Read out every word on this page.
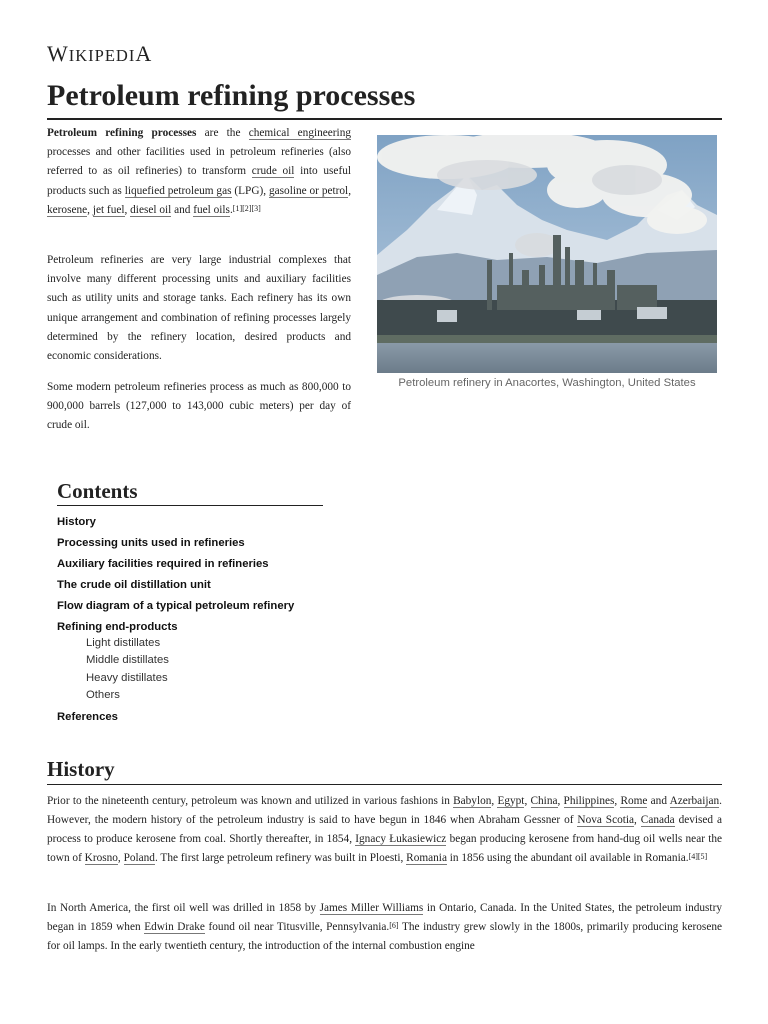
WIKIPEDIA
Petroleum refining processes

Petroleum refining processes are the chemical engineering processes and other facilities used in petroleum refineries (also referred to as oil refineries) to transform crude oil into useful products such as liquefied petroleum gas (LPG), gasoline or petrol, kerosene, jet fuel, diesel oil and fuel oils.[1][2][3]

Petroleum refineries are very large industrial complexes that involve many different processing units and auxiliary facilities such as utility units and storage tanks. Each refinery has its own unique arrangement and combination of refining processes largely determined by the refinery location, desired products and economic considerations.

Some modern petroleum refineries process as much as 800,000 to 900,000 barrels (127,000 to 143,000 cubic meters) per day of crude oil.

Petroleum refinery in Anacortes, Washington, United States
Contents
History
Processing units used in refineries
Auxiliary facilities required in refineries
The crude oil distillation unit
Flow diagram of a typical petroleum refinery
Refining end-products
Light distillates
Middle distillates
Heavy distillates
Others
References
History

Prior to the nineteenth century, petroleum was known and utilized in various fashions in Babylon, Egypt, China, Philippines, Rome and Azerbaijan. However, the modern history of the petroleum industry is said to have begun in 1846 when Abraham Gessner of Nova Scotia, Canada devised a process to produce kerosene from coal. Shortly thereafter, in 1854, Ignacy Łukasiewicz began producing kerosene from hand-dug oil wells near the town of Krosno, Poland. The first large petroleum refinery was built in Ploesti, Romania in 1856 using the abundant oil available in Romania.[4][5]

In North America, the first oil well was drilled in 1858 by James Miller Williams in Ontario, Canada. In the United States, the petroleum industry began in 1859 when Edwin Drake found oil near Titusville, Pennsylvania.[6] The industry grew slowly in the 1800s, primarily producing kerosene for oil lamps. In the early twentieth century, the introduction of the internal combustion engine
